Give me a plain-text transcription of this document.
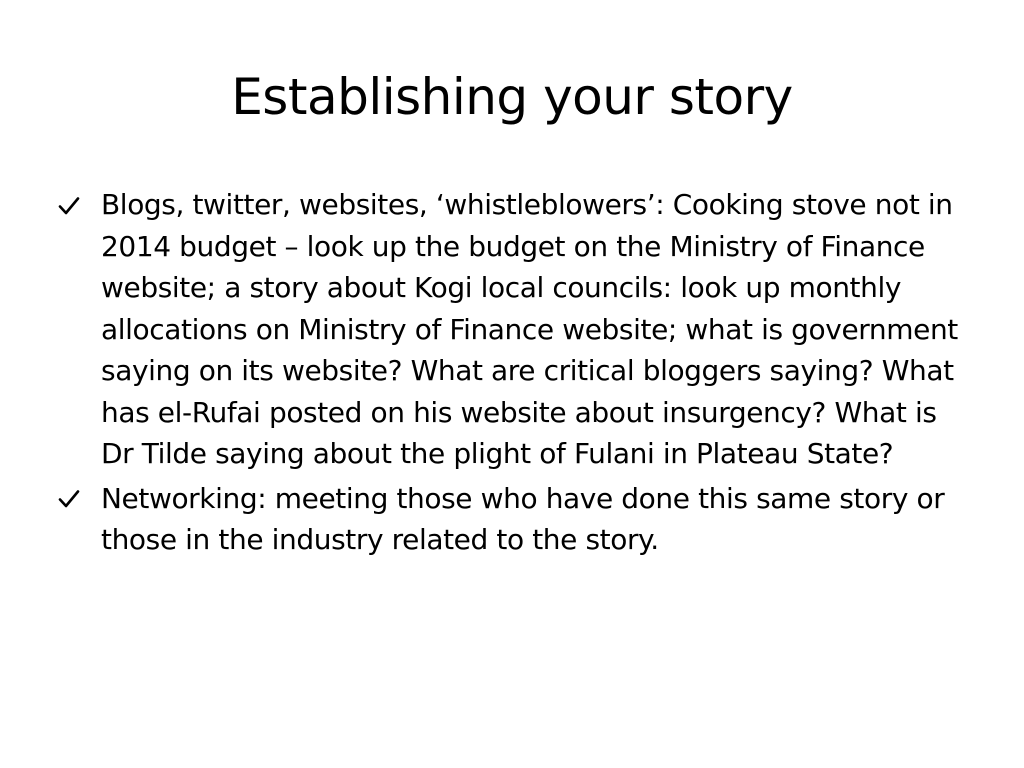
Establishing your story
Blogs, twitter, websites, ‘whistleblowers’: Cooking stove not in 2014 budget – look up the budget on the Ministry of Finance website; a story about Kogi local councils: look up monthly allocations on Ministry of Finance website; what is government saying on its website? What are critical bloggers saying? What has el-Rufai posted on his website about insurgency? What is Dr Tilde saying about the plight of Fulani in Plateau State?
Networking: meeting those who have done this same story or those in the industry related to the story.
